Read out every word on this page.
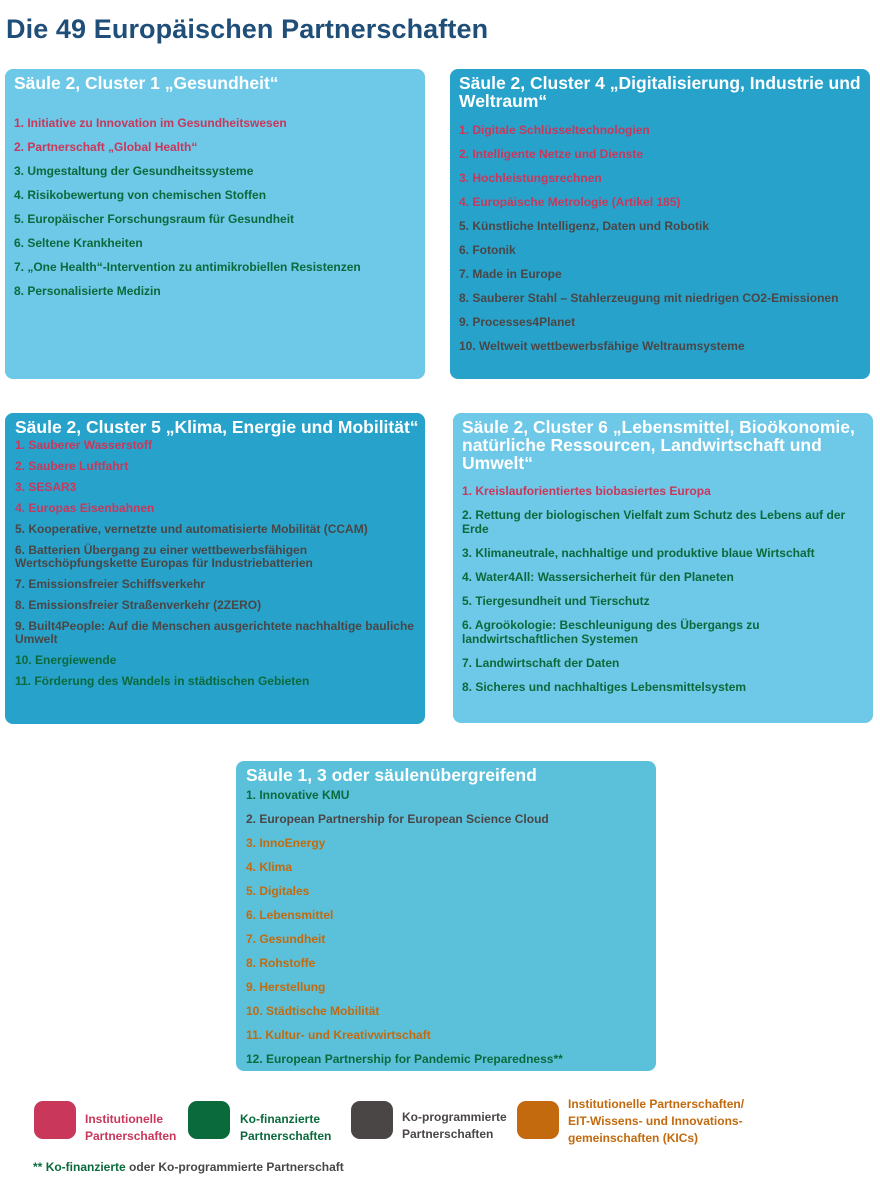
Die 49 Europäischen Partnerschaften
Säule 2, Cluster 1 „Gesundheit“
1. Initiative zu Innovation im Gesundheitswesen
2. Partnerschaft „Global Health“
3. Umgestaltung der Gesundheitssysteme
4. Risikobewertung von chemischen Stoffen
5. Europäischer Forschungsraum für Gesundheit
6. Seltene Krankheiten
7. „One Health“-Intervention zu antimikrobiellen Resistenzen
8. Personalisierte Medizin
Säule 2, Cluster 4 „Digitalisierung, Industrie und Weltraum“
1. Digitale Schlüsseltechnologien
2. Intelligente Netze und Dienste
3. Hochleistungsrechnen
4. Europäische Metrologie (Artikel 185)
5. Künstliche Intelligenz, Daten und Robotik
6. Fotonik
7. Made in Europe
8. Sauberer Stahl – Stahlerzeugung mit niedrigen CO2-Emissionen
9. Processes4Planet
10. Weltweit wettbewerbsfähige Weltraumsysteme
Säule 2, Cluster 5 „Klima, Energie und Mobilität“
1. Sauberer Wasserstoff
2. Saubere Luftfahrt
3. SESAR3
4. Europas Eisenbahnen
5. Kooperative, vernetzte und automatisierte Mobilität (CCAM)
6. Batterien Übergang zu einer wettbewerbsfähigen Wertschöpfungskette Europas für Industriebatterien
7. Emissionsfreier Schiffsverkehr
8. Emissionsfreier Straßenverkehr (2ZERO)
9. Built4People: Auf die Menschen ausgerichtete nachhaltige bauliche Umwelt
10. Energiewende
11. Förderung des Wandels in städtischen Gebieten
Säule 2, Cluster 6 „Lebensmittel, Bioökonomie, natürliche Ressourcen, Landwirtschaft und Umwelt“
1. Kreislauforientiertes biobasiertes Europa
2. Rettung der biologischen Vielfalt zum Schutz des Lebens auf der Erde
3. Klimaneutrale, nachhaltige und produktive blaue Wirtschaft
4. Water4All: Wassersicherheit für den Planeten
5. Tiergesundheit und Tierschutz
6. Agroökologie: Beschleunigung des Übergangs zu landwirtschaftlichen Systemen
7. Landwirtschaft der Daten
8. Sicheres und nachhaltiges Lebensmittelsystem
Säule 1, 3 oder säulenübergreifend
1. Innovative KMU
2. European Partnership for European Science Cloud
3. InnoEnergy
4. Klima
5. Digitales
6. Lebensmittel
7. Gesundheit
8. Rohstoffe
9. Herstellung
10. Städtische Mobilität
11. Kultur- und Kreativwirtschaft
12. European Partnership for Pandemic Preparedness**
Institutionelle Partnerschaften
Ko-finanzierte Partnerschaften
Ko-programmierte Partnerschaften
Institutionelle Partnerschaften/ EIT-Wissens- und Innovations-gemeinschaften (KICs)
** Ko-finanzierte oder Ko-programmierte Partnerschaft
